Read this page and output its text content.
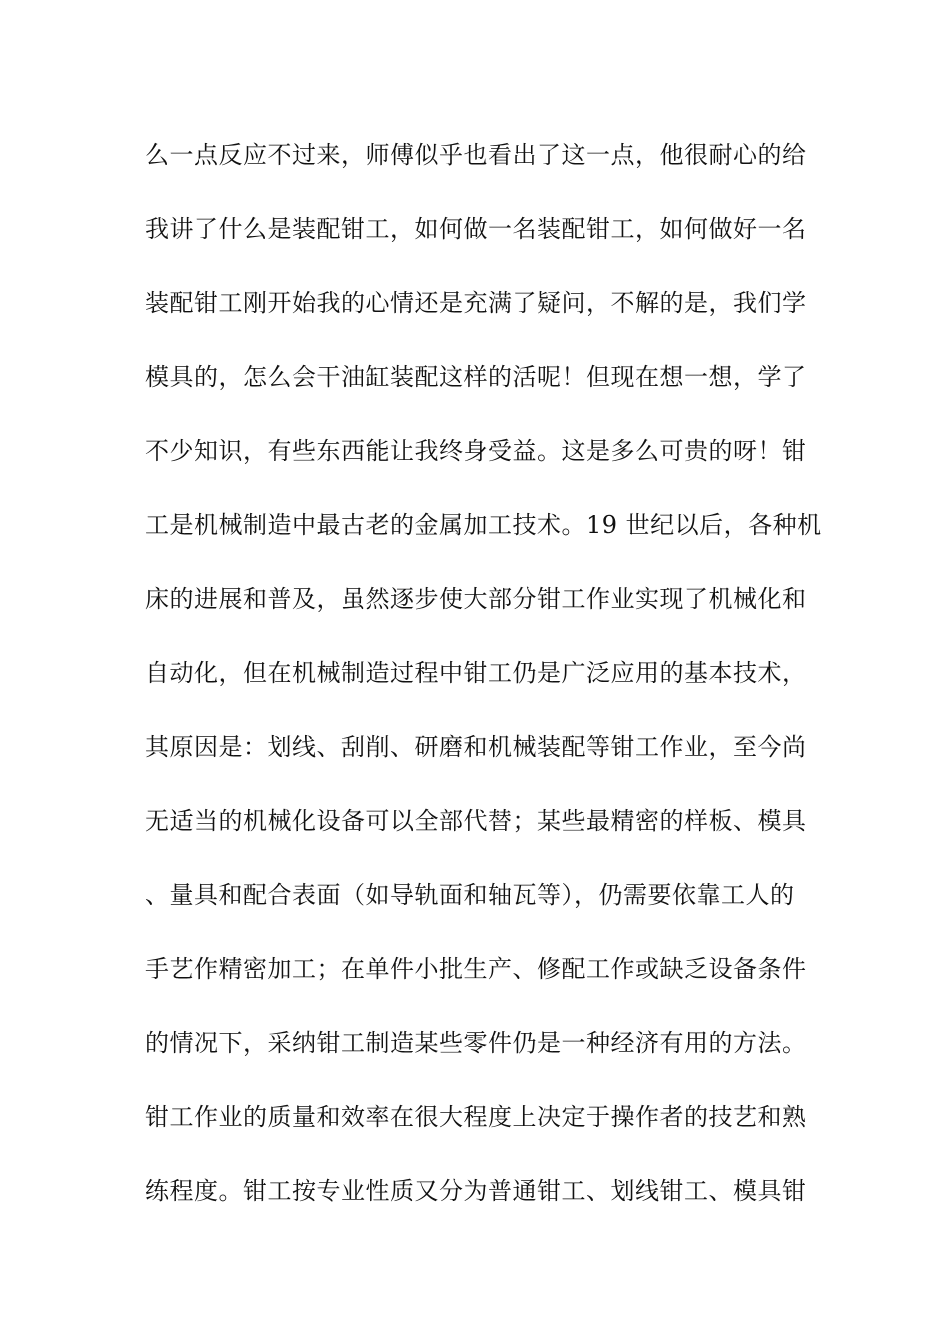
么一点反应不过来，师傅似乎也看出了这一点，他很耐心的给
我讲了什么是装配钳工，如何做一名装配钳工，如何做好一名
装配钳工刚开始我的心情还是充满了疑问，不解的是，我们学
模具的，怎么会干油缸装配这样的活呢！但现在想一想，学了
不少知识，有些东西能让我终身受益。这是多么可贵的呀！钳
工是机械制造中最古老的金属加工技术。19 世纪以后，各种机
床的进展和普及，虽然逐步使大部分钳工作业实现了机械化和
自动化，但在机械制造过程中钳工仍是广泛应用的基本技术，
其原因是：划线、刮削、研磨和机械装配等钳工作业，至今尚
无适当的机械化设备可以全部代替；某些最精密的样板、模具
、量具和配合表面（如导轨面和轴瓦等），仍需要依靠工人的
手艺作精密加工；在单件小批生产、修配工作或缺乏设备条件
的情况下，采纳钳工制造某些零件仍是一种经济有用的方法。
钳工作业的质量和效率在很大程度上决定于操作者的技艺和熟
练程度。钳工按专业性质又分为普通钳工、划线钳工、模具钳
